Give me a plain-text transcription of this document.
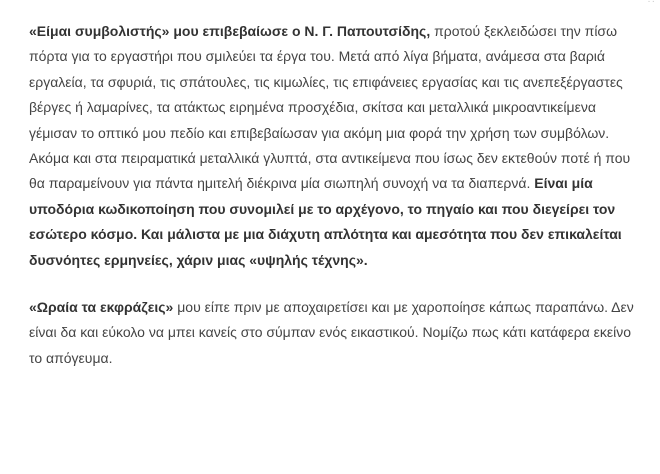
··

«Είμαι συμβολιστής» μου επιβεβαίωσε ο Ν. Γ. Παπουτσίδης, προτού ξεκλειδώσει την πίσω πόρτα για το εργαστήρι που σμιλεύει τα έργα του. Μετά από λίγα βήματα, ανάμεσα στα βαριά εργαλεία, τα σφυριά, τις σπάτουλες, τις κιμωλίες, τις επιφάνειες εργασίας και τις ανεπεξέργαστες βέργες ή λαμαρίνες, τα ατάκτως ειρημένα προσχέδια, σκίτσα και μεταλλικά μικροαντικείμενα γέμισαν το οπτικό μου πεδίο και επιβεβαίωσαν για ακόμη μια φορά την χρήση των συμβόλων. Ακόμα και στα πειραματικά μεταλλικά γλυπτά, στα αντικείμενα που ίσως δεν εκτεθούν ποτέ ή που θα παραμείνουν για πάντα ημιτελή διέκρινα μία σιωπηλή συνοχή να τα διαπερνά. Είναι μία υποδόρια κωδικοποίηση που συνομιλεί με το αρχέγονο, το πηγαίο και που διεγείρει τον εσώτερο κόσμο. Και μάλιστα με μια διάχυτη απλότητα και αμεσότητα που δεν επικαλείται δυσνόητες ερμηνείες, χάριν μιας «υψηλής τέχνης».

«Ωραία τα εκφράζεις» μου είπε πριν με αποχαιρετίσει και με χαροποίησε κάπως παραπάνω. Δεν είναι δα και εύκολο να μπει κανείς στο σύμπαν ενός εικαστικού. Νομίζω πως κάτι κατάφερα εκείνο το απόγευμα.
